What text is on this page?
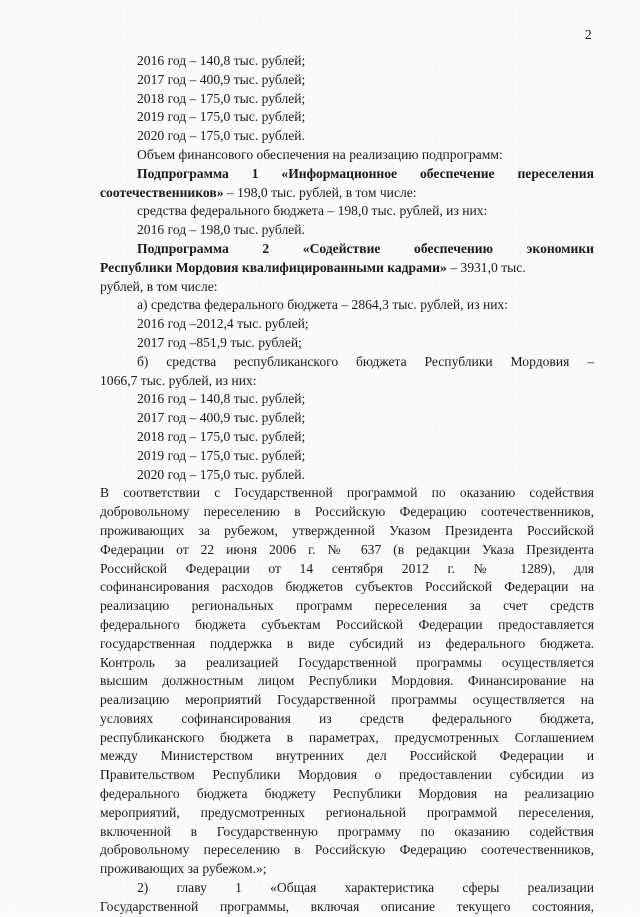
2
2016 год – 140,8 тыс. рублей;
2017 год – 400,9 тыс. рублей;
2018 год – 175,0 тыс. рублей;
2019 год – 175,0 тыс. рублей;
2020 год – 175,0 тыс. рублей.
Объем финансового обеспечения на реализацию подпрограмм:
Подпрограмма 1 «Информационное обеспечение переселения
соотечественников» – 198,0 тыс. рублей, в том числе:
средства федерального бюджета – 198,0 тыс. рублей, из них:
2016 год – 198,0 тыс. рублей.
Подпрограмма 2 «Содействие обеспечению экономики
Республики Мордовия квалифицированными кадрами» – 3931,0 тыс.
рублей, в том числе:
а) средства федерального бюджета – 2864,3 тыс. рублей, из них:
2016 год –2012,4 тыс. рублей;
2017 год –851,9 тыс. рублей;
б) средства республиканского бюджета Республики Мордовия –
1066,7 тыс. рублей, из них:
2016 год – 140,8 тыс. рублей;
2017 год – 400,9 тыс. рублей;
2018 год – 175,0 тыс. рублей;
2019 год – 175,0 тыс. рублей;
2020 год – 175,0 тыс. рублей.
В соответствии с Государственной программой по оказанию содействия
добровольному переселению в Российскую Федерацию соотечественников,
проживающих за рубежом, утвержденной Указом Президента Российской
Федерации от 22 июня 2006 г. № 637 (в редакции Указа Президента
Российской Федерации от 14 сентября 2012 г. № 1289), для
софинансирования расходов бюджетов субъектов Российской Федерации на
реализацию региональных программ переселения за счет средств
федерального бюджета субъектам Российской Федерации предоставляется
государственная поддержка в виде субсидий из федерального бюджета.
Контроль за реализацией Государственной программы осуществляется
высшим должностным лицом Республики Мордовия. Финансирование на
реализацию мероприятий Государственной программы осуществляется на
условиях софинансирования из средств федерального бюджета,
республиканского бюджета в параметрах, предусмотренных Соглашением
между Министерством внутренних дел Российской Федерации и
Правительством Республики Мордовия о предоставлении субсидии из
федерального бюджета бюджету Республики Мордовия на реализацию
мероприятий, предусмотренных региональной программой переселения,
включенной в Государственную программу по оказанию содействия
добровольному переселению в Российскую Федерацию соотечественников,
проживающих за рубежом.»;
2) главу 1 «Общая характеристика сферы реализации
Государственной программы, включая описание текущего состояния,
